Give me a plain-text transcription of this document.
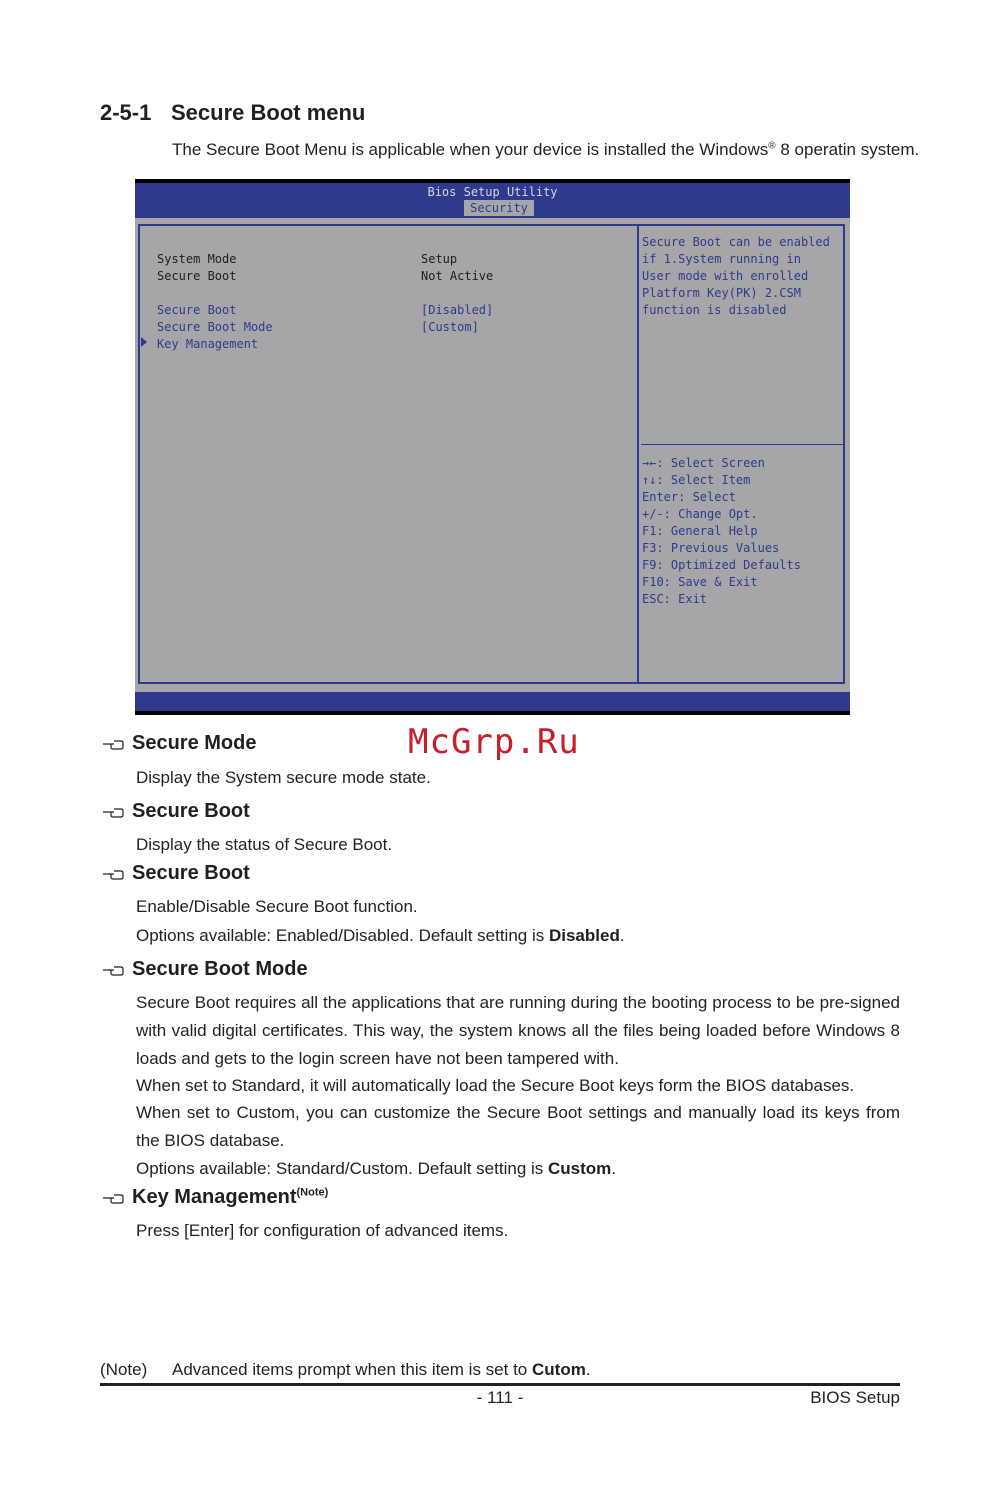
2-5-1 Secure Boot menu
The Secure Boot Menu is applicable when your device is installed the Windows® 8 operatin system.
Bios Setup Utility
Security
System Mode	Setup
Secure Boot	Not Active
Secure Boot	[Disabled]
Secure Boot Mode	[Custom]
Key Management
Secure Boot can be enabled
if 1.System running in
User mode with enrolled
Platform Key(PK) 2.CSM
function is disabled
→←: Select Screen
↑↓: Select Item
Enter: Select
+/-: Change Opt.
F1: General Help
F3: Previous Values
F9: Optimized Defaults
F10: Save & Exit
ESC: Exit
McGrp.Ru
Secure Mode
Display the System secure mode state.
Secure Boot
Display the status of Secure Boot.
Secure Boot
Enable/Disable Secure Boot function.
Options available: Enabled/Disabled. Default setting is Disabled.
Secure Boot Mode
Secure Boot requires all the applications that are running during the booting process to be pre-signed with valid digital certificates. This way, the system knows all the files being loaded before Windows 8 loads and gets to the login screen have not been tampered with.
When set to Standard, it will automatically load the Secure Boot keys form the BIOS databases.
When set to Custom, you can customize the Secure Boot settings and manually load its keys from the BIOS database.
Options available: Standard/Custom. Default setting is Custom.
Key Management$^{(Note)}$
Press [Enter] for configuration of advanced items.
(Note) Advanced items prompt when this item is set to Cutom.
- 111 -	BIOS Setup
